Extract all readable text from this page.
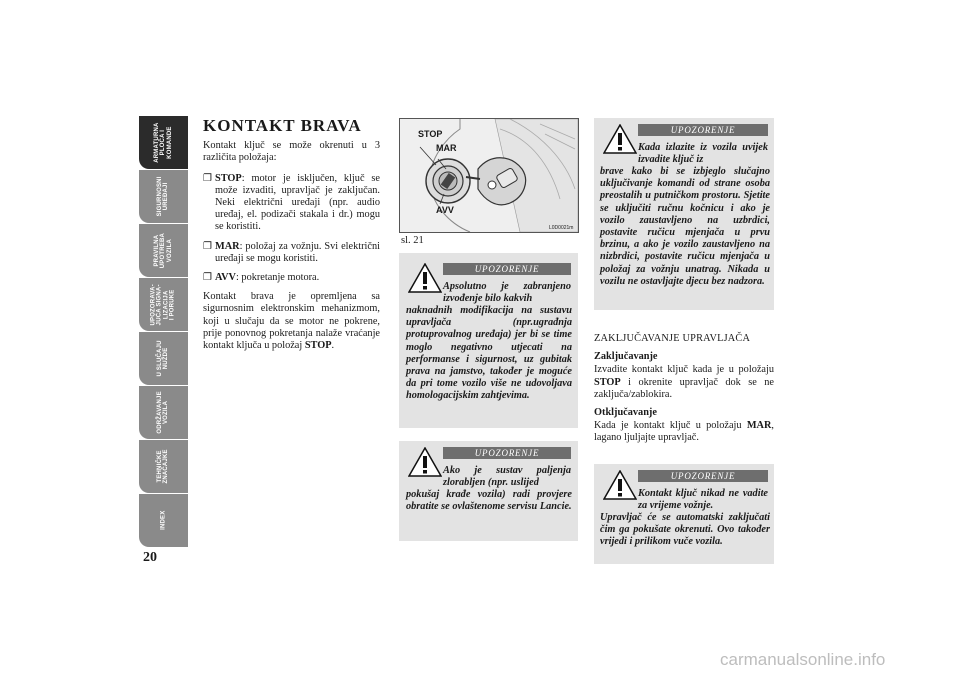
ARMATURNA
PLOČA I
KOMANDE
SIGURNOSNI
UREĐAJI
PRAVILNA
UPOTREBA
VOZILA
UPOZORAVA-
JUĆA SIGNA-
LIZACIJA
I PORUKE
U SLUČAJU
NUŽDE
ODRŽAVANJE
VOZILA
TEHNIČKE
ZNAČAJKE
INDEX
20
KONTAKT BRAVA

Kontakt ključ se može okrenuti u 3 različita položaja:

❐ STOP: motor je isključen, ključ se može izvaditi, upravljač je zaključan. Neki električni uređaji (npr. audio uređaj, el. podizači stakala i dr.) mogu se koristiti.
❐ MAR: položaj za vožnju. Svi električni uređaji se mogu koristiti.
❐ AVV: pokretanje motora.

Kontakt brava je opremljena sa sigurnosnim elektronskim mehanizmom, koji u slučaju da se motor ne pokrene, prije ponovnog pokretanja nalaže vraćanje kontakt ključa u položaj STOP.

STOP
MAR
AVV
sl. 21
L0D0021m
UPOZORENJE
Apsolutno je zabranjeno izvođenje bilo kakvih
naknadnih modifikacija na sustavu upravljača (npr.ugrađnja protuprovalnog uređaja) jer bi se time moglo negativno utjecati na performanse i sigurnost, uz gubitak prava na jamstvo, također je moguće da pri tome vozilo više ne udovoljava homologacijskim zahtjevima.
UPOZORENJE
Ako je sustav paljenja zlorabljen (npr. uslijed
pokušaj krađe vozila) radi provjere obratite se ovlaštenome servisu Lancie.
UPOZORENJE
Kada izlazite iz vozila uvijek izvadite ključ iz
brave kako bi se izbjeglo slučajno uključivanje komandi od strane osoba preostalih u putničkom prostoru. Sjetite se uključiti ručnu kočnicu i ako je vozilo zaustavljeno na uzbrdici, postavite ručicu mjenjača u prvu brzinu, a ako je vozilo zaustavljeno na nizbrdici, postavite ručicu mjenjača u položaj za vožnju unatrag. Nikada u vozilu ne ostavljajte djecu bez nadzora.
ZAKLJUČAVANJE UPRAVLJAČA
Zaključavanje

Izvadite kontakt ključ kada je u položaju STOP i okrenite upravljač dok se ne zaključa/zablokira.

Otključavanje

Kada je kontakt ključ u položaju MAR, lagano ljuljajte upravljač.

UPOZORENJE
Kontakt ključ nikad ne vadite za vrijeme vožnje.
Upravljač će se automatski zaključati čim ga pokušate okrenuti. Ovo također vrijedi i prilikom vuče vozila.
carmanualsonline.info
